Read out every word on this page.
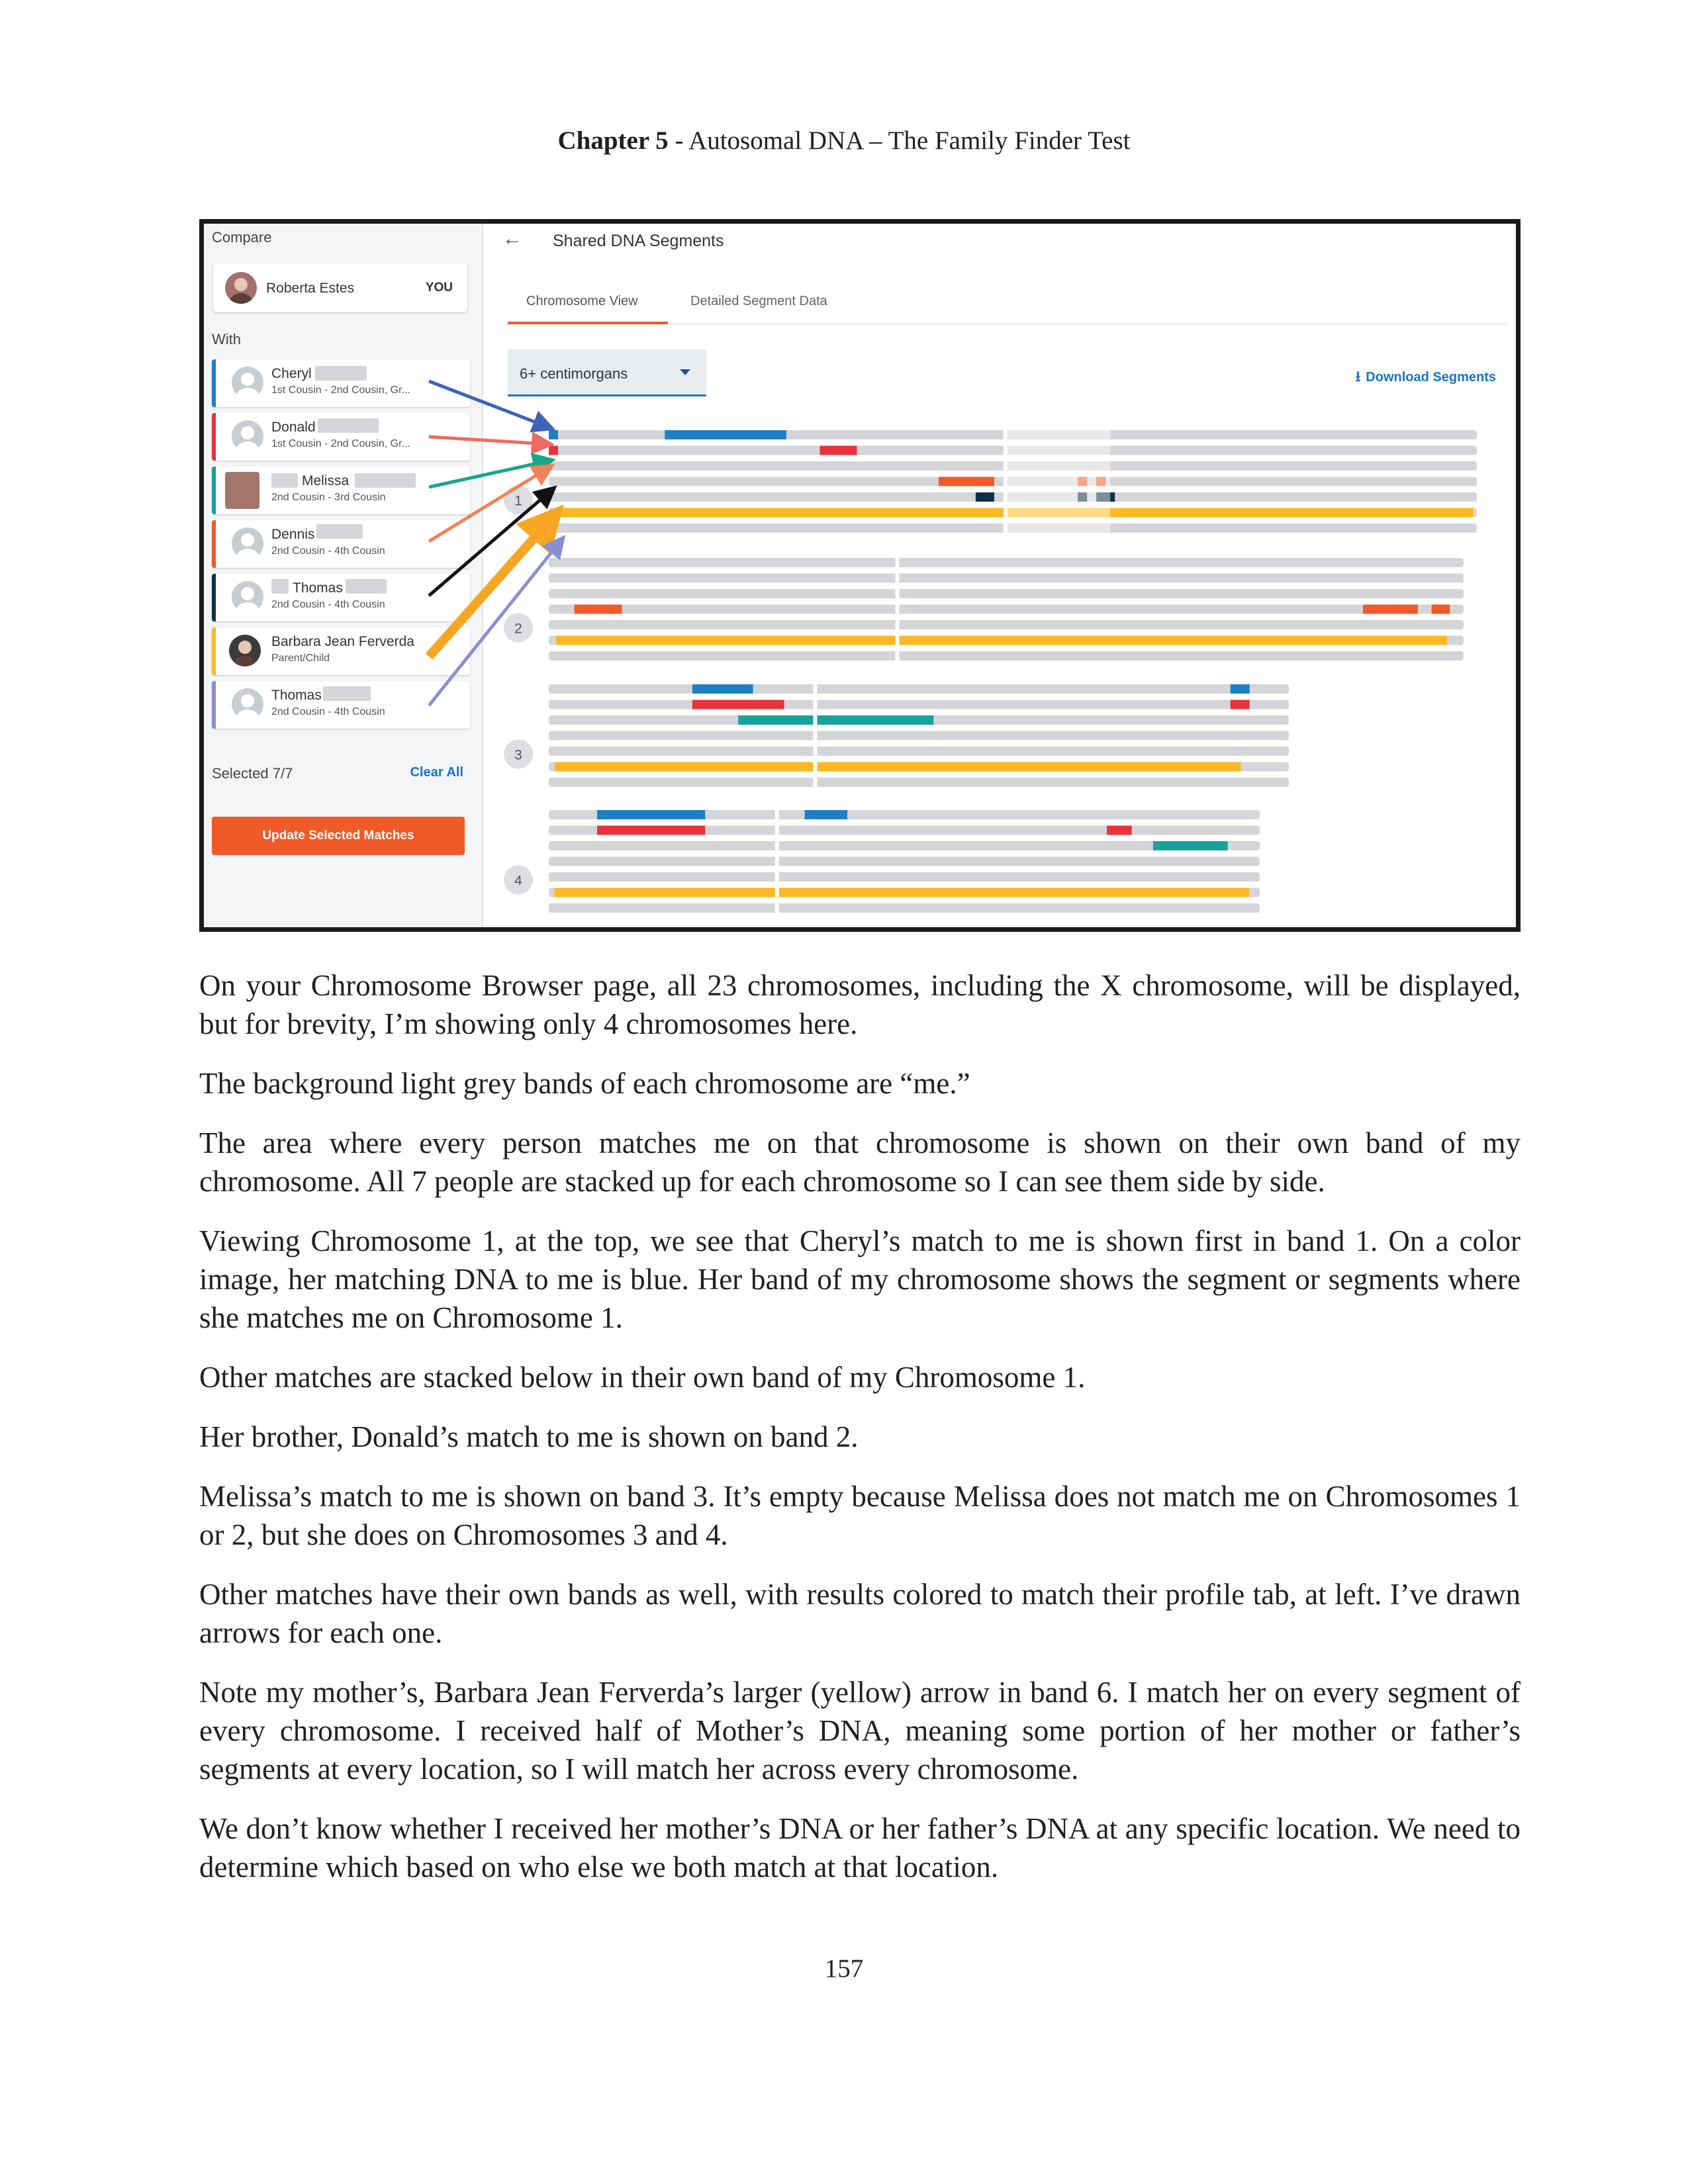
Chapter 5 - Autosomal DNA – The Family Finder Test
Compare
Roberta Estes	YOU
With
Cheryl
1st Cousin - 2nd Cousin, Gr...
Donald
1st Cousin - 2nd Cousin, Gr...
Melissa
2nd Cousin - 3rd Cousin
Dennis
2nd Cousin - 4th Cousin
Thomas
2nd Cousin - 4th Cousin
Barbara Jean Ferverda
Parent/Child
Thomas
2nd Cousin - 4th Cousin
Selected 7/7	Clear All
Update Selected Matches
← Shared DNA Segments
Chromosome View	Detailed Segment Data
6+ centimorgans	⭳ Download Segments
1
2
3
4

On your Chromosome Browser page, all 23 chromosomes, including the X chromosome, will be displayed, but for brevity, I’m showing only 4 chromosomes here.

The background light grey bands of each chromosome are “me.”

The area where every person matches me on that chromosome is shown on their own band of my chromosome. All 7 people are stacked up for each chromosome so I can see them side by side.

Viewing Chromosome 1, at the top, we see that Cheryl’s match to me is shown first in band 1. On a color image, her matching DNA to me is blue. Her band of my chromosome shows the segment or segments where she matches me on Chromosome 1.

Other matches are stacked below in their own band of my Chromosome 1.

Her brother, Donald’s match to me is shown on band 2.

Melissa’s match to me is shown on band 3. It’s empty because Melissa does not match me on Chromosomes 1 or 2, but she does on Chromosomes 3 and 4.

Other matches have their own bands as well, with results colored to match their profile tab, at left. I’ve drawn arrows for each one.

Note my mother’s, Barbara Jean Ferverda’s larger (yellow) arrow in band 6. I match her on every segment of every chromosome. I received half of Mother’s DNA, meaning some portion of her mother or father’s segments at every location, so I will match her across every chromosome.

We don’t know whether I received her mother’s DNA or her father’s DNA at any specific location. We need to determine which based on who else we both match at that location.

157
